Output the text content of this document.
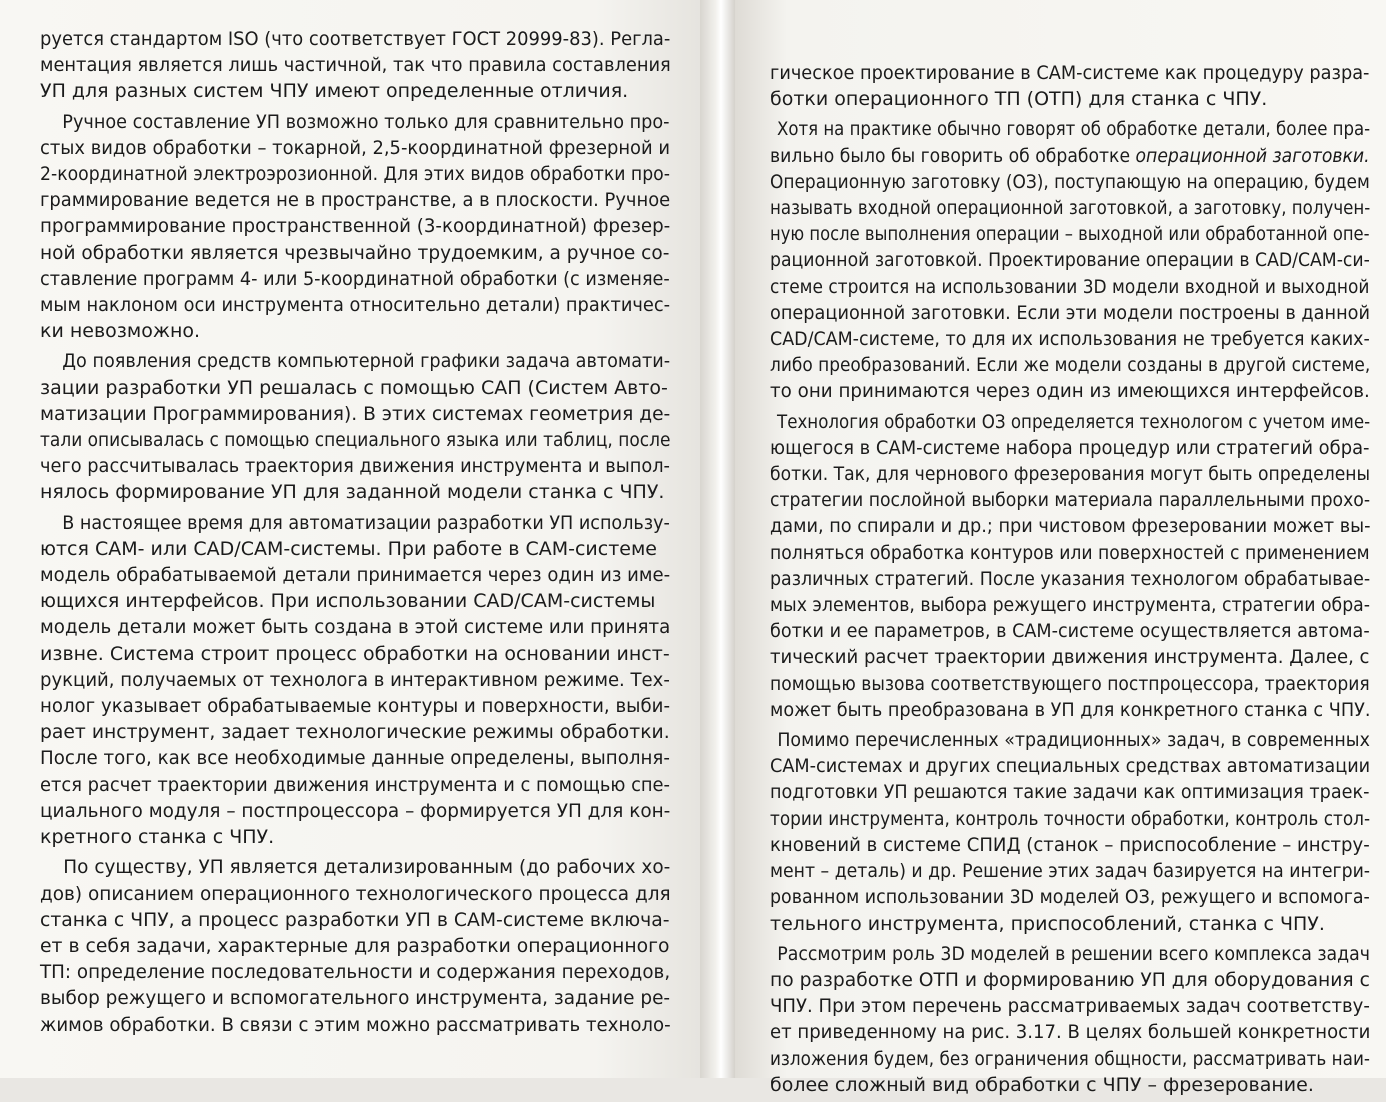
руется стандартом ISO (что соответствует ГОСТ 20999-83). Регла-
ментация является лишь частичной, так что правила составления
УП для разных систем ЧПУ имеют определенные отличия.

Ручное составление УП возможно только для сравнительно про-
стых видов обработки – токарной, 2,5-координатной фрезерной и
2-координатной электроэрозионной. Для этих видов обработки про-
граммирование ведется не в пространстве, а в плоскости. Ручное
программирование пространственной (3-координатной) фрезер-
ной обработки является чрезвычайно трудоемким, а ручное со-
ставление программ 4- или 5-координатной обработки (с изменяе-
мым наклоном оси инструмента относительно детали) практичес-
ки невозможно.

До появления средств компьютерной графики задача автомати-
зации разработки УП решалась с помощью САП (Систем Авто-
матизации Программирования). В этих системах геометрия де-
тали описывалась с помощью специального языка или таблиц, после
чего рассчитывалась траектория движения инструмента и выпол-
нялось формирование УП для заданной модели станка с ЧПУ.

В настоящее время для автоматизации разработки УП использу-
ются CAM- или CAD/CAM-системы. При работе в CAM-системе
модель обрабатываемой детали принимается через один из име-
ющихся интерфейсов. При использовании CAD/CAM-системы
модель детали может быть создана в этой системе или принята
извне. Система строит процесс обработки на основании инст-
рукций, получаемых от технолога в интерактивном режиме. Тех-
нолог указывает обрабатываемые контуры и поверхности, выби-
рает инструмент, задает технологические режимы обработки.
После того, как все необходимые данные определены, выполня-
ется расчет траектории движения инструмента и с помощью спе-
циального модуля – постпроцессора – формируется УП для кон-
кретного станка с ЧПУ.

По существу, УП является детализированным (до рабочих хо-
дов) описанием операционного технологического процесса для
станка с ЧПУ, а процесс разработки УП в CAM-системе включа-
ет в себя задачи, характерные для разработки операционного
ТП: определение последовательности и содержания переходов,
выбор режущего и вспомогательного инструмента, задание ре-
жимов обработки. В связи с этим можно рассматривать техноло-

гическое проектирование в CAM-системе как процедуру разра-
ботки операционного ТП (ОТП) для станка с ЧПУ.

Хотя на практике обычно говорят об обработке детали, более пра-
вильно было бы говорить об обработке операционной заготовки.
Операционную заготовку (ОЗ), поступающую на операцию, будем
называть входной операционной заготовкой, а заготовку, получен-
ную после выполнения операции – выходной или обработанной опе-
рационной заготовкой. Проектирование операции в CAD/CAM-си-
стеме строится на использовании 3D модели входной и выходной
операционной заготовки. Если эти модели построены в данной
CAD/CAM-системе, то для их использования не требуется каких-
либо преобразований. Если же модели созданы в другой системе,
то они принимаются через один из имеющихся интерфейсов.

Технология обработки ОЗ определяется технологом с учетом име-
ющегося в CAM-системе набора процедур или стратегий обра-
ботки. Так, для чернового фрезерования могут быть определены
стратегии послойной выборки материала параллельными прохо-
дами, по спирали и др.; при чистовом фрезеровании может вы-
полняться обработка контуров или поверхностей с применением
различных стратегий. После указания технологом обрабатывае-
мых элементов, выбора режущего инструмента, стратегии обра-
ботки и ее параметров, в CAM-системе осуществляется автома-
тический расчет траектории движения инструмента. Далее, с
помощью вызова соответствующего постпроцессора, траектория
может быть преобразована в УП для конкретного станка с ЧПУ.

Помимо перечисленных «традиционных» задач, в современных
CAM-системах и других специальных средствах автоматизации
подготовки УП решаются такие задачи как оптимизация траек-
тории инструмента, контроль точности обработки, контроль стол-
кновений в системе СПИД (станок – приспособление – инстру-
мент – деталь) и др. Решение этих задач базируется на интегри-
рованном использовании 3D моделей ОЗ, режущего и вспомога-
тельного инструмента, приспособлений, станка с ЧПУ.

Рассмотрим роль 3D моделей в решении всего комплекса задач
по разработке ОТП и формированию УП для оборудования с
ЧПУ. При этом перечень рассматриваемых задач соответству-
ет приведенному на рис. 3.17. В целях большей конкретности
изложения будем, без ограничения общности, рассматривать наи-
более сложный вид обработки с ЧПУ – фрезерование.
